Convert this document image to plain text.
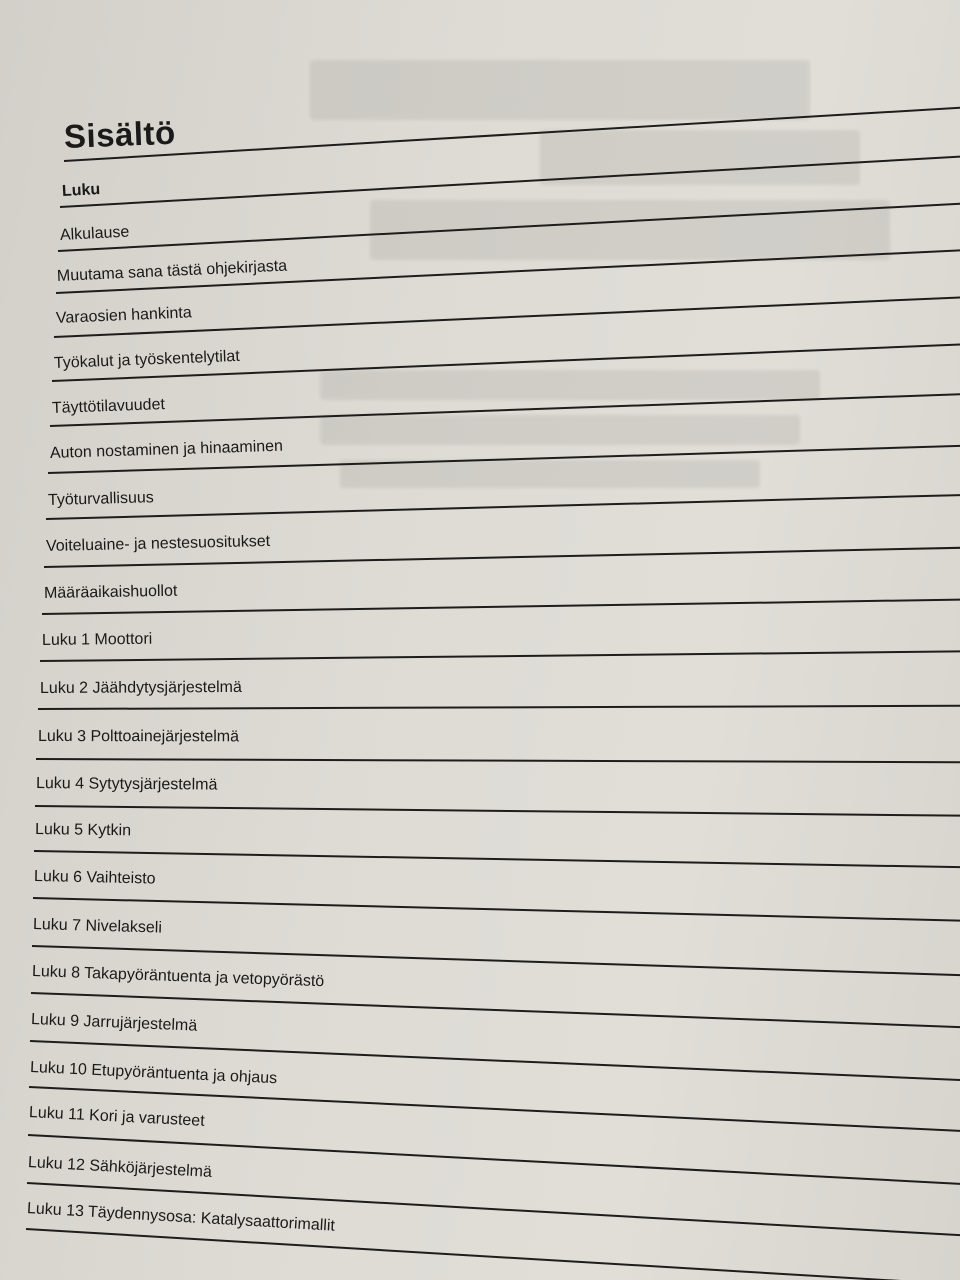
Sisältö
Luku
Alkulause
Muutama sana tästä ohjekirjasta
Varaosien hankinta
Työkalut ja työskentelytilat
Täyttötilavuudet
Auton nostaminen ja hinaaminen
Työturvallisuus
Voiteluaine- ja nestesuositukset
Määräaikaishuollot
Luku 1 Moottori
Luku 2 Jäähdytysjärjestelmä
Luku 3 Polttoainejärjestelmä
Luku 4 Sytytysjärjestelmä
Luku 5 Kytkin
Luku 6 Vaihteisto
Luku 7 Nivelakseli
Luku 8 Takapyöräntuenta ja vetopyörästö
Luku 9 Jarrujärjestelmä
Luku 10 Etupyöräntuenta ja ohjaus
Luku 11 Kori ja varusteet
Luku 12 Sähköjärjestelmä
Luku 13 Täydennysosa: Katalysaattorimallit
